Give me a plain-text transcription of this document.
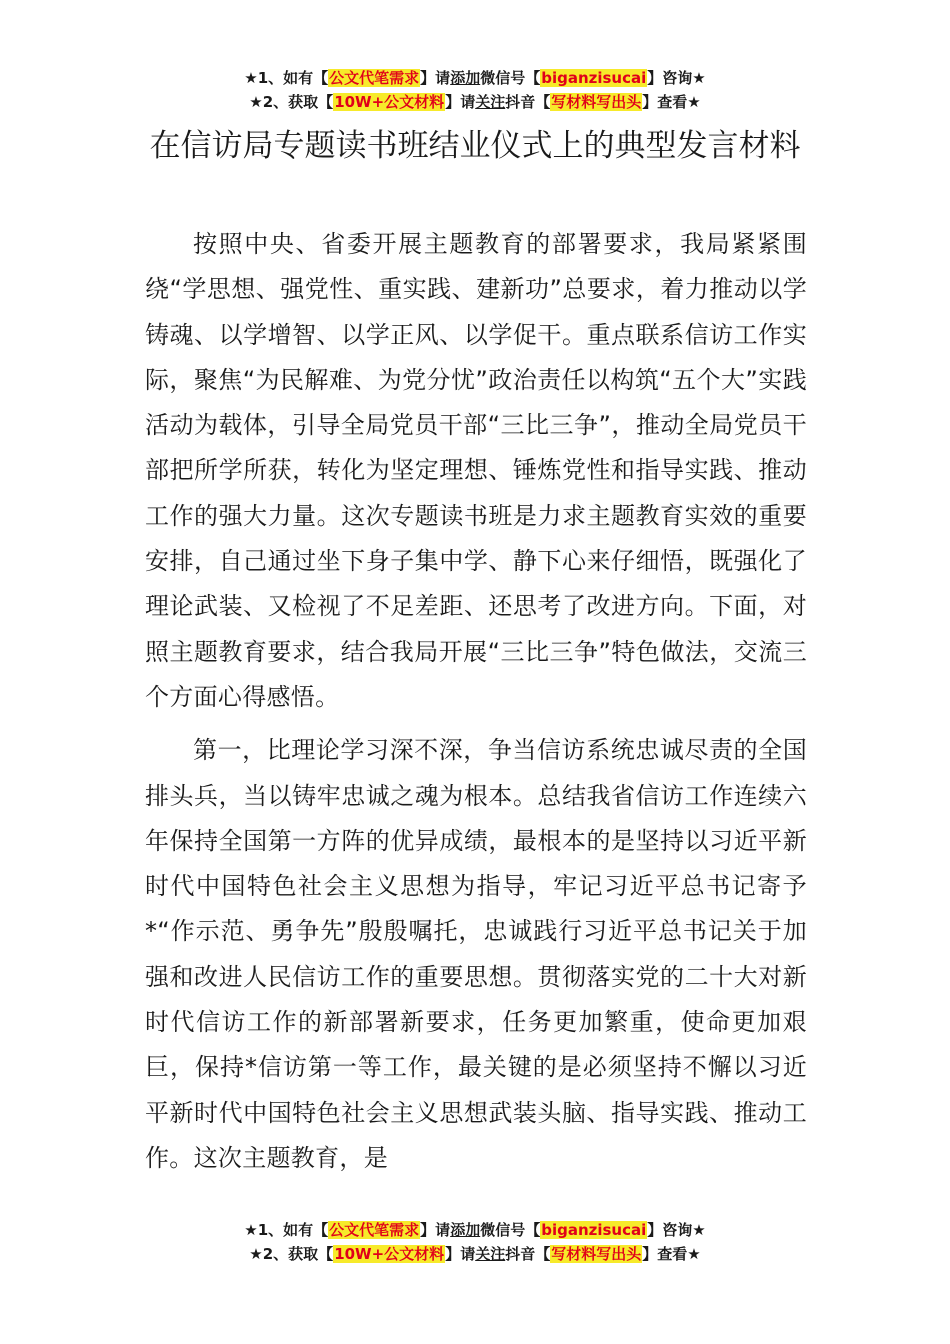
★1、如有【公文代笔需求】请添加微信号【biganzisucai】咨询★
★2、获取【10W+公文材料】请关注抖音【写材料写出头】查看★
在信访局专题读书班结业仪式上的典型发言材料

按照中央、省委开展主题教育的部署要求，我局紧紧围绕“学思想、强党性、重实践、建新功”总要求，着力推动以学铸魂、以学增智、以学正风、以学促干。重点联系信访工作实际，聚焦“为民解难、为党分忧”政治责任以构筑“五个大”实践活动为载体，引导全局党员干部“三比三争”，推动全局党员干部把所学所获，转化为坚定理想、锤炼党性和指导实践、推动工作的强大力量。这次专题读书班是力求主题教育实效的重要安排，自己通过坐下身子集中学、静下心来仔细悟，既强化了理论武装、又检视了不足差距、还思考了改进方向。下面，对照主题教育要求，结合我局开展“三比三争”特色做法，交流三个方面心得感悟。

第一，比理论学习深不深，争当信访系统忠诚尽责的全国排头兵，当以铸牢忠诚之魂为根本。总结我省信访工作连续六年保持全国第一方阵的优异成绩，最根本的是坚持以习近平新时代中国特色社会主义思想为指导，牢记习近平总书记寄予*“作示范、勇争先”殷殷嘱托，忠诚践行习近平总书记关于加强和改进人民信访工作的重要思想。贯彻落实党的二十大对新时代信访工作的新部署新要求，任务更加繁重，使命更加艰巨，保持*信访第一等工作，最关键的是必须坚持不懈以习近平新时代中国特色社会主义思想武装头脑、指导实践、推动工作。这次主题教育，是

★1、如有【公文代笔需求】请添加微信号【biganzisucai】咨询★
★2、获取【10W+公文材料】请关注抖音【写材料写出头】查看★
